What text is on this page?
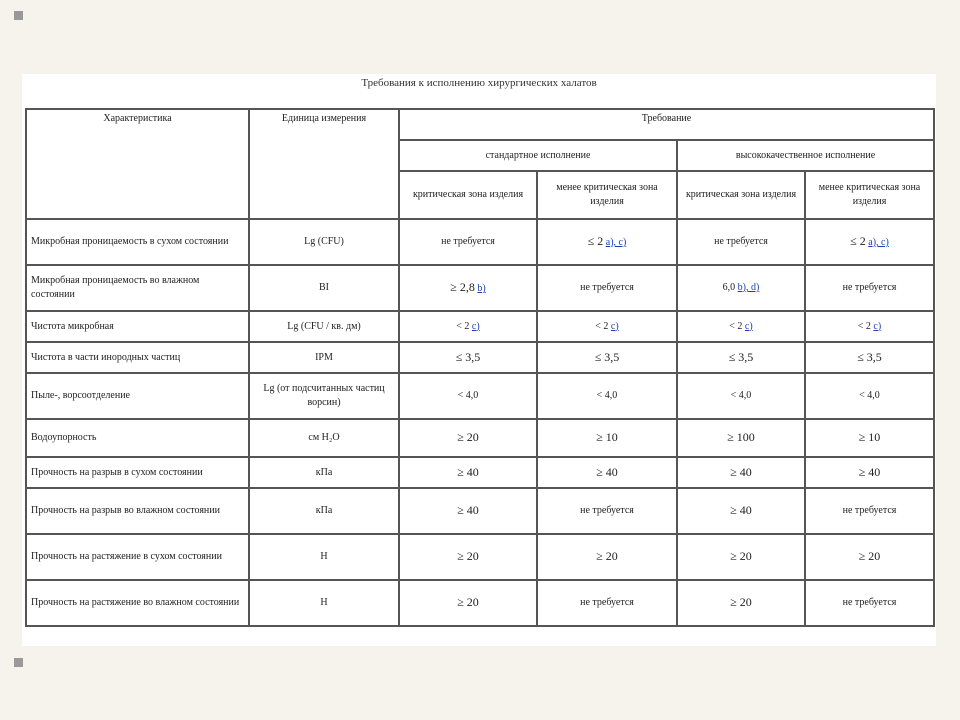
Требования к исполнению хирургических халатов
Характеристика	Единица измерения	Требование			
		стандартное исполнение		высококачественное исполнение	
		критическая зона изделия	менее критическая зона изделия	критическая зона изделия	менее критическая зона изделия
Микробная проницаемость в сухом состоянии	Lg (CFU)	не требуется	≤ 2 a), c)	не требуется	≤ 2 a), c)
Микробная проницаемость во влажном состоянии	BI	≥ 2,8 b)	не требуется	6,0 b), d)	не требуется
Чистота микробная	Lg (CFU / кв. дм)	< 2 c)	< 2 c)	< 2 c)	< 2 c)
Чистота в части инородных частиц	IPM	≤ 3,5	≤ 3,5	≤ 3,5	≤ 3,5
Пыле-, ворсоотделение	Lg (от подсчитанных частиц ворсин)	< 4,0	< 4,0	< 4,0	< 4,0
Водоупорность	см H₂O	≥ 20	≥ 10	≥ 100	≥ 10
Прочность на разрыв в сухом состоянии	кПа	≥ 40	≥ 40	≥ 40	≥ 40
Прочность на разрыв во влажном состоянии	кПа	≥ 40	не требуется	≥ 40	не требуется
Прочность на растяжение в сухом состоянии	Н	≥ 20	≥ 20	≥ 20	≥ 20
Прочность на растяжение во влажном состоянии	Н	≥ 20	не требуется	≥ 20	не требуется
